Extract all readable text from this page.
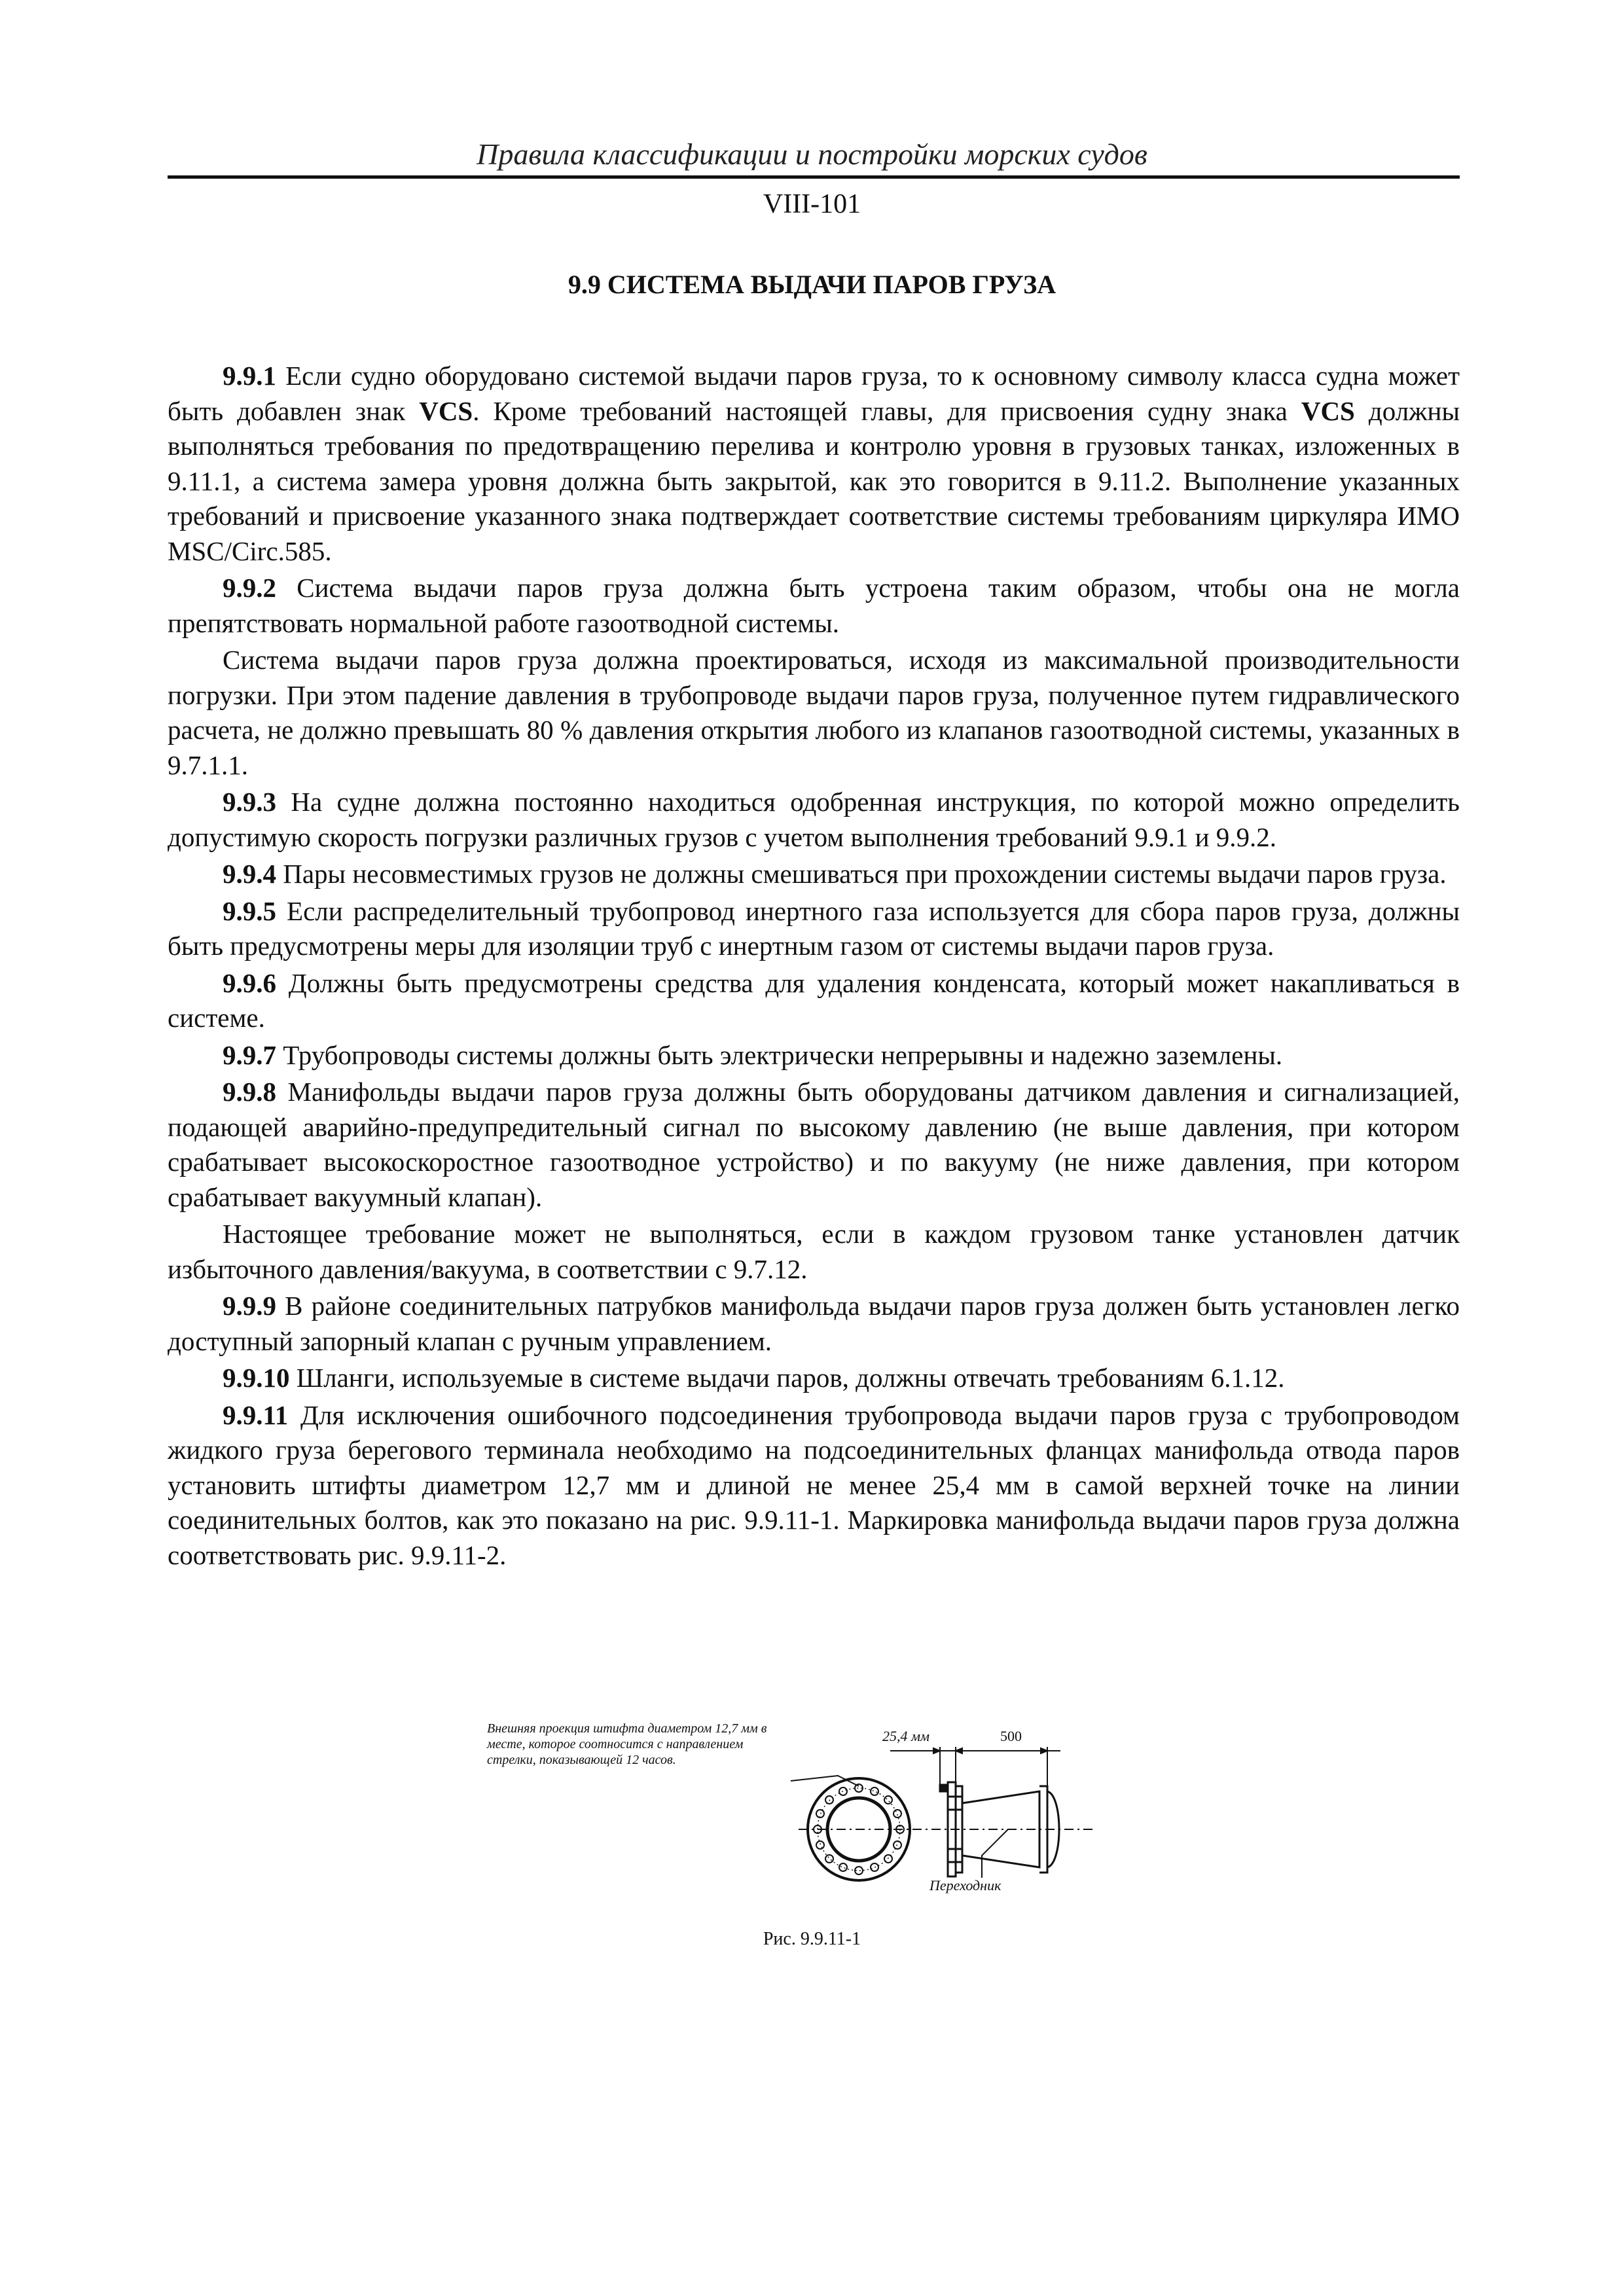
Правила классификации и постройки морских судов
VIII-101
9.9 СИСТЕМА ВЫДАЧИ ПАРОВ ГРУЗА

9.9.1 Если судно оборудовано системой выдачи паров груза, то к основному символу класса судна может быть добавлен знак VCS. Кроме требований настоящей главы, для присвоения судну знака VCS должны выполняться требования по предотвращению перелива и контролю уровня в грузовых танках, изложенных в 9.11.1, а система замера уровня должна быть закрытой, как это говорится в 9.11.2. Выполнение указанных требований и присвоение указанного знака подтверждает соответствие системы требованиям циркуляра ИМО MSC/Circ.585.

9.9.2 Система выдачи паров груза должна быть устроена таким образом, чтобы она не могла препятствовать нормальной работе газоотводной системы.

Система выдачи паров груза должна проектироваться, исходя из максимальной производительности погрузки. При этом падение давления в трубопроводе выдачи паров груза, полученное путем гидравлического расчета, не должно превышать 80 % давления открытия любого из клапанов газоотводной системы, указанных в 9.7.1.1.

9.9.3 На судне должна постоянно находиться одобренная инструкция, по которой можно определить допустимую скорость погрузки различных грузов с учетом выполнения требований 9.9.1 и 9.9.2.

9.9.4 Пары несовместимых грузов не должны смешиваться при прохождении системы выдачи паров груза.

9.9.5 Если распределительный трубопровод инертного газа используется для сбора паров груза, должны быть предусмотрены меры для изоляции труб с инертным газом от системы выдачи паров груза.

9.9.6 Должны быть предусмотрены средства для удаления конденсата, который может накапливаться в системе.

9.9.7 Трубопроводы системы должны быть электрически непрерывны и надежно заземлены.

9.9.8 Манифольды выдачи паров груза должны быть оборудованы датчиком давления и сигнализацией, подающей аварийно-предупредительный сигнал по высокому давлению (не выше давления, при котором срабатывает высокоскоростное газоотводное устройство) и по вакууму (не ниже давления, при котором срабатывает вакуумный клапан).

Настоящее требование может не выполняться, если в каждом грузовом танке установлен датчик избыточного давления/вакуума, в соответствии с 9.7.12.

9.9.9 В районе соединительных патрубков манифольда выдачи паров груза должен быть установлен легко доступный запорный клапан с ручным управлением.

9.9.10 Шланги, используемые в системе выдачи паров, должны отвечать требованиям 6.1.12.

9.9.11 Для исключения ошибочного подсоединения трубопровода выдачи паров груза с трубопроводом жидкого груза берегового терминала необходимо на подсоединительных фланцах манифольда отвода паров установить штифты диаметром 12,7 мм и длиной не менее 25,4 мм в самой верхней точке на линии соединительных болтов, как это показано на рис. 9.9.11-1. Маркировка манифольда выдачи паров груза должна соответствовать рис. 9.9.11-2.

Внешняя проекция штифта диаметром 12,7 мм в месте, которое соотносится с направлением стрелки, показывающей 12 часов.
25,4 мм	500
Переходник
Рис. 9.9.11-1
